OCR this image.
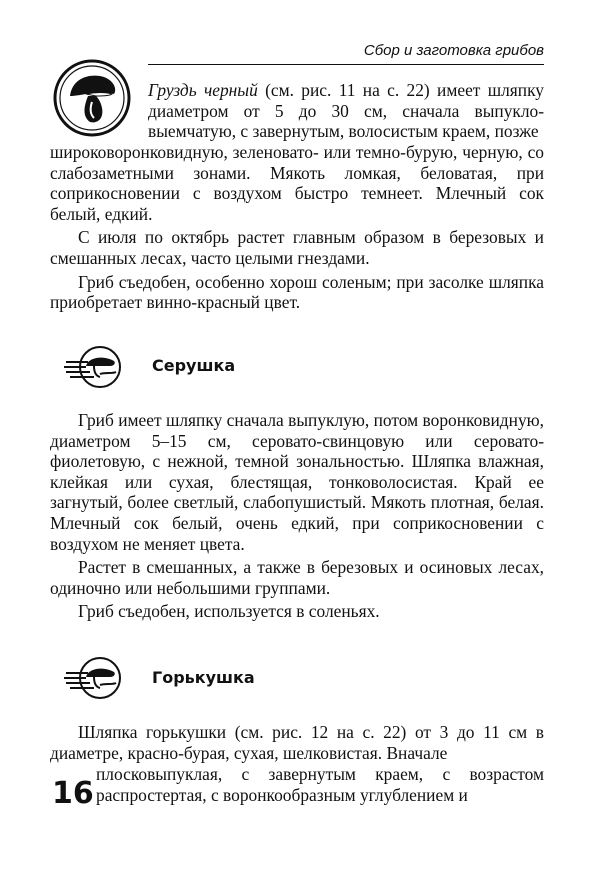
Сбор и заготовка грибов
Груздь черный (см. рис. 11 на с. 22) имеет шляпку диаметром от 5 до 30 см, сначала выпукло-выемчатую, с завернутым, волосистым краем, позже

широковоронковидную, зеленовато- или темно-бурую, черную, со слабозаметными зонами. Мякоть ломкая, беловатая, при соприкосновении с воздухом быстро темнеет. Млечный сок белый, едкий.

С июля по октябрь растет главным образом в березовых и смешанных лесах, часто целыми гнездами.

Гриб съедобен, особенно хорош соленым; при засолке шляпка приобретает винно-красный цвет.

Серушка

Гриб имеет шляпку сначала выпуклую, потом воронковидную, диаметром 5–15 см, серовато-свинцовую или серовато-фиолетовую, с нежной, темной зональностью. Шляпка влажная, клейкая или сухая, блестящая, тонковолосистая. Край ее загнутый, более светлый, слабопушистый. Мякоть плотная, белая. Млечный сок белый, очень едкий, при соприкосновении с воздухом не меняет цвета.

Растет в смешанных, а также в березовых и осиновых лесах, одиночно или небольшими группами.

Гриб съедобен, используется в соленьях.

Горькушка

Шляпка горькушки (см. рис. 12 на с. 22) от 3 до 11 см в диаметре, красно-бурая, сухая, шелковистая. Вначале

плосковыпуклая, с завернутым краем, с возрастом распростертая, с воронкообразным углублением и

16
